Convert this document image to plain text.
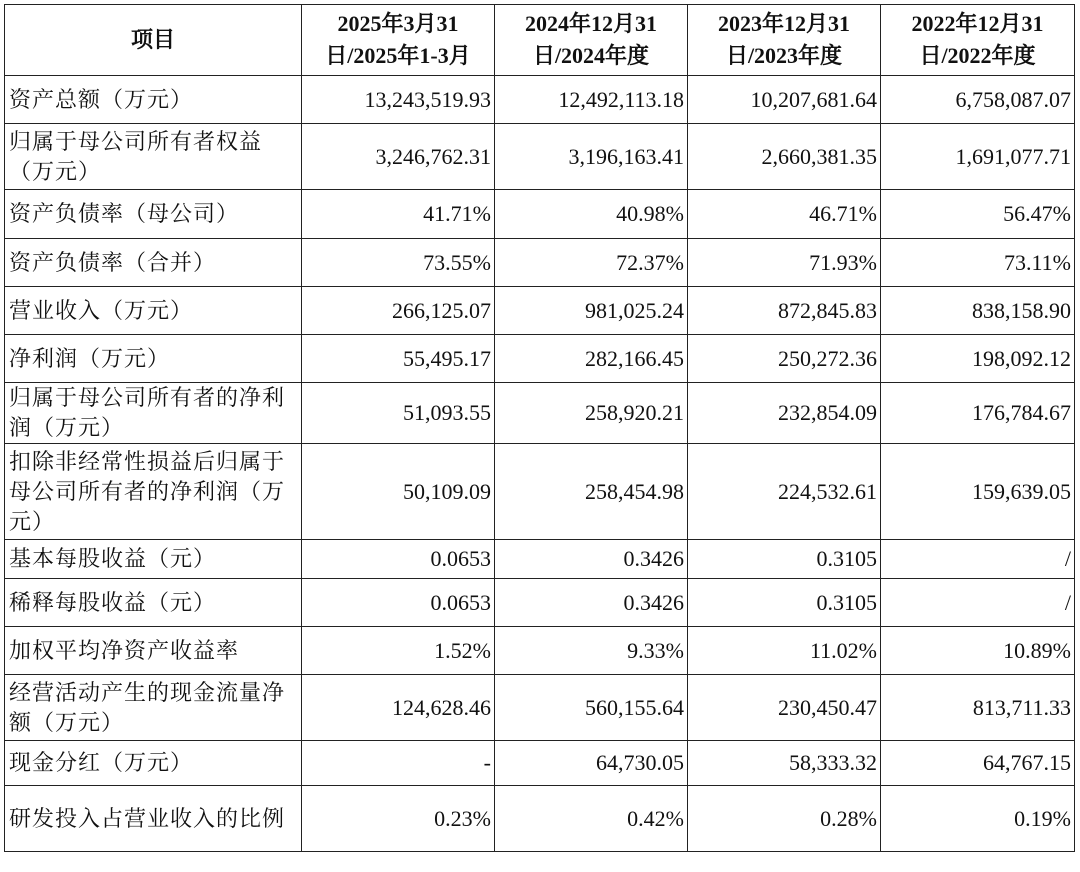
项目	2025年3月31日/2025年1-3月	2024年12月31日/2024年度	2023年12月31日/2023年度	2022年12月31日/2022年度
资产总额（万元）	13,243,519.93	12,492,113.18	10,207,681.64	6,758,087.07
归属于母公司所有者权益（万元）	3,246,762.31	3,196,163.41	2,660,381.35	1,691,077.71
资产负债率（母公司）	41.71%	40.98%	46.71%	56.47%
资产负债率（合并）	73.55%	72.37%	71.93%	73.11%
营业收入（万元）	266,125.07	981,025.24	872,845.83	838,158.90
净利润（万元）	55,495.17	282,166.45	250,272.36	198,092.12
归属于母公司所有者的净利润（万元）	51,093.55	258,920.21	232,854.09	176,784.67
扣除非经常性损益后归属于母公司所有者的净利润（万元）	50,109.09	258,454.98	224,532.61	159,639.05
基本每股收益（元）	0.0653	0.3426	0.3105	/
稀释每股收益（元）	0.0653	0.3426	0.3105	/
加权平均净资产收益率	1.52%	9.33%	11.02%	10.89%
经营活动产生的现金流量净额（万元）	124,628.46	560,155.64	230,450.47	813,711.33
现金分红（万元）	-	64,730.05	58,333.32	64,767.15
研发投入占营业收入的比例	0.23%	0.42%	0.28%	0.19%
